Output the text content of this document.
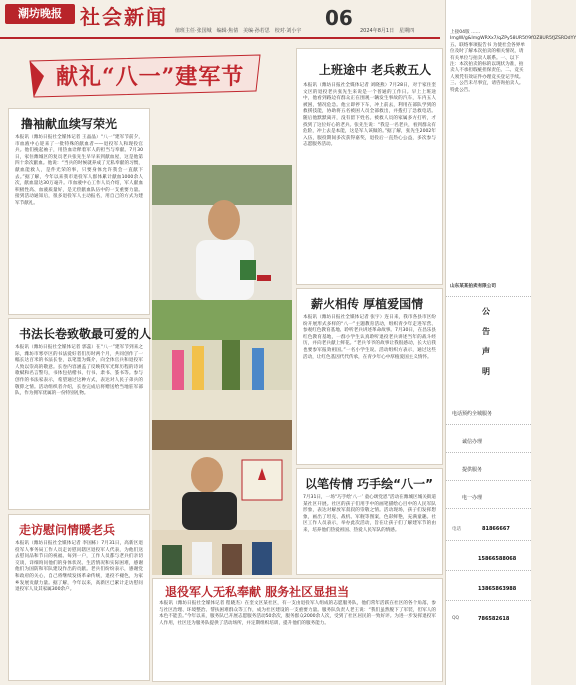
潮坊晚报 社会新闻	06
值班主任·张国城　编辑·焦倩　美编·孙若思　校对·刘小宇	2024年8月1日　星期四
献礼“八一”建军节
撸袖献血续写荣光
本报讯（潍坊日报社全媒体记者 王晶晶）“八一”建军节前夕，市血液中心迎来了一批特殊的献血者——退役军人和现役官兵。他们挽起袖子，用热血诠释着军人的担当与奉献。7月30日，家住潍城区的复员老兵张先生早早来到献血屋，这是他第四十余次献血。他说：“当兵的时候就养成了无私奉献的习惯，献血能救人，是件光荣的事，只要身体允许我会一直献下去。”据了解，今年以来我市退役军人群体累计献血1000余人次，献血量达30万毫升。市血液中心工作人员介绍，军人献血积极性高、血液质量好，是无偿献血队伍中的一支重要力量。接到活动通知后，很多退役军人主动报名，用自己的方式为建军节献礼。
书法长卷致敬最可爱的人
本报讯（潍坊日报社全媒体记者 郭蕊）在“八一”建军节到来之际，潍坊市寒亭区的书法爱好者们历时两个月，共同创作了一幅长达百米的书法长卷，以笔墨为媒介，向全体官兵和退役军人致以崇高的敬意。长卷内容涵盖了反映我军光辉历程的诗词歌赋和名言警句，书体包括楷书、行书、隶书、篆书等。参与创作的书法家表示，希望通过这种方式，表达对人民子弟兵的敬仰之情。活动组织者介绍，长卷完成后将赠送给当地驻军部队，作为拥军优属的一份特别礼物。
走访慰问情暖老兵
本报讯（潍坊日报社全媒体记者 李国栋）7月31日，高新区退役军人事务局工作人员走访慰问辖区退役军人代表，为他们送去慰问品和节日的祝福。每到一户，工作人员都与老兵们亲切交谈，详细询问他们的身体状况、生活情况和实际困难，感谢他们为国防和军队建设作出的贡献。老兵们纷纷表示，感谢党和政府的关心，自己将继续发扬革命传统，退役不褪色，为家乡发展贡献力量。据了解，今年以来，高新区已累计走访慰问退役军人及其家属300余户。
上班途中 老兵救五人
本报讯（潍坊日报社全媒体记者 刘晓燕）7月28日，对于家住奎文区的退役老兵张先生来说是一个普通的工作日。早上上班途中，他看到路边有群众正在围观一辆发生事故的汽车，车内五人被困，情况危急。他立即停下车，冲上前去，利用在部队学到的救援技能，协助将五名被困人员全部救出，并拨打了急救电话。随后他默默离开，没有留下姓名。被救人员的家属多方打听，才找到了这位好心的老兵。张先生说：“我是一名老兵，看到群众有危险，冲上去是本能，这是军人该做的。”据了解，张先生2002年入伍，服役期间多次获得嘉奖，退役后一直热心公益，多次参与志愿服务活动。
薪火相传 厚植爱国情
本报讯（潍坊日报社全媒体记者 张宇）连日来，我市各县市区纷纷开展形式多样的“八一”主题教育活动，组织青少年走进军营、参观红色教育基地、聆听老兵讲述革命故事。7月30日，在昌乐县红色教育基地，一群小学生认真聆听退役老兵讲述当年的战斗经历，并向老兵献上鲜花。“老兵爷爷的故事让我很感动，长大后我也要参军报效祖国。”一名小学生说。活动组织方表示，通过这些活动，让红色基因代代传承，在青少年心中厚植爱国主义情怀。
以笔传情 巧手绘“八一”
7月31日，一场“巧手绘‘八一’ 童心颂党恩”活动在潍城区城关街道某社区开展。社区的孩子们用手中的画笔描绘心目中的人民军队形象，表达对解放军叔叔的崇敬之情。活动现场，孩子们发挥想象，画出了坦克、战机、军舰等图案，色彩鲜艳，充满童趣。社区工作人员表示，举办此次活动，旨在让孩子们了解建军节的由来，培养他们热爱祖国、热爱人民军队的情感。
退役军人无私奉献 服务社区显担当
本报讯（潍坊日报社全媒体记者 程晓杰）在奎文区某社区，有一支由退役军人组成的志愿服务队，他们常年活跃在社区的各个角落，参与社区治理、环境整治、帮扶困难群众等工作，成为社区建设的一支重要力量。服务队负责人老王说：“我们虽然脱下了军装，但军人的本色不能丢。”今年以来，服务队已开展志愿服务活动50余次，服务群众2000余人次，受到了社区居民的一致好评。为进一步发挥退役军人作用，社区还为服务队提供了活动场所，并定期组织培训，提升他们的服务能力。
上接04版 ……ImgW/g&ImgWRXx7/qZPy58UR5f/9fOZ8UR5fJZSRDdYY 五、联络事项报告书 为使社会各界单位及时了解本次拍卖的相关情况，请有关单位与拍卖人联系。一、以下注：本次拍卖的标的以现状为准，拍卖人不承担瑕疵担保责任。二、竞买人须凭有效证件办理竞买登记手续。三、公告未尽事宜，请咨询拍卖人。特此公告。
山东某某拍卖有限公司
公
告
声
明
电话预约全城服务
诚信办理
提供服务
电一办理
电话	81866667
15866588068
13865863988
QQ	786582618
